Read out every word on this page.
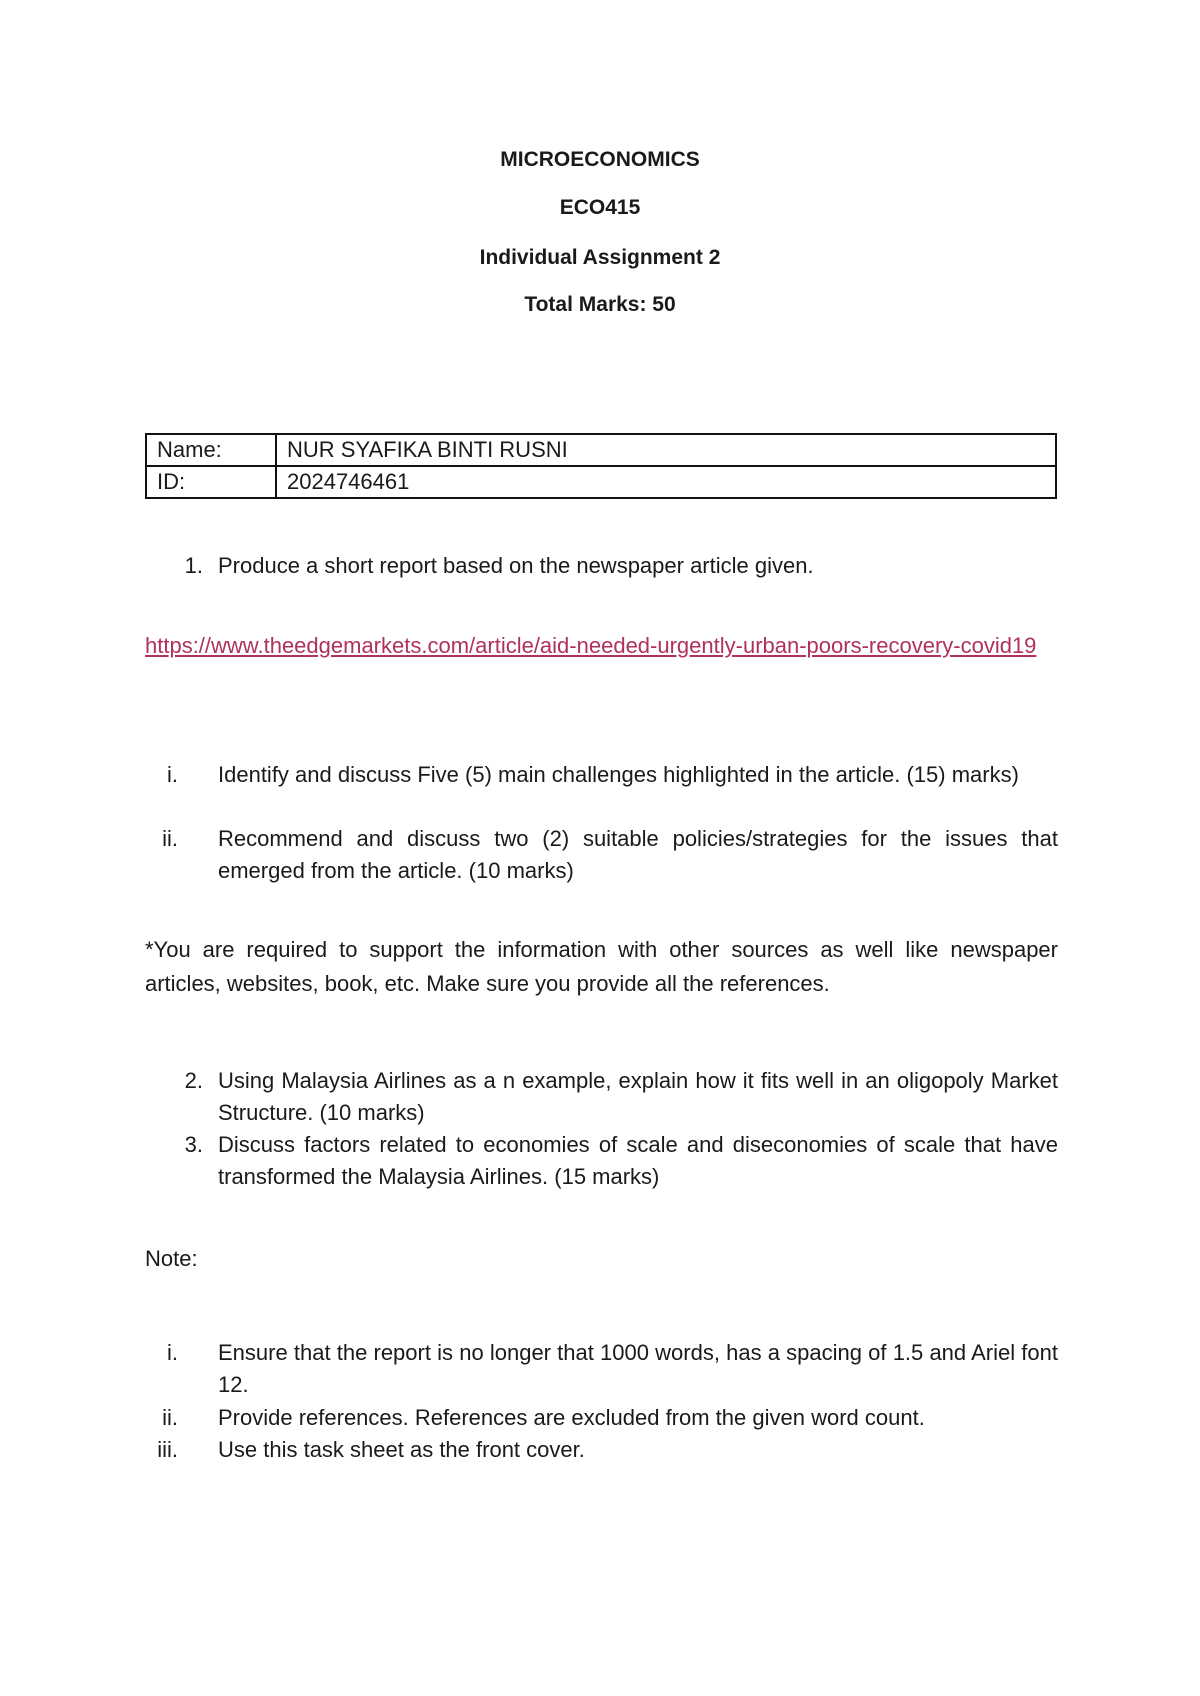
MICROECONOMICS
ECO415
Individual Assignment 2
Total Marks: 50
Name:	NUR SYAFIKA BINTI RUSNI
ID:	2024746461
1. Produce a short report based on the newspaper article given.
https://www.theedgemarkets.com/article/aid-needed-urgently-urban-poors-recovery-covid19
i. Identify and discuss Five (5) main challenges highlighted in the article. (15) marks)
ii. Recommend and discuss two (2) suitable policies/strategies for the issues that emerged from the article. (10 marks)
*You are required to support the information with other sources as well like newspaper articles, websites, book, etc. Make sure you provide all the references.
2. Using Malaysia Airlines as a n example, explain how it fits well in an oligopoly Market Structure. (10 marks)
3. Discuss factors related to economies of scale and diseconomies of scale that have transformed the Malaysia Airlines. (15 marks)
Note:
i. Ensure that the report is no longer that 1000 words, has a spacing of 1.5 and Ariel font 12.
ii. Provide references. References are excluded from the given word count.
iii. Use this task sheet as the front cover.
